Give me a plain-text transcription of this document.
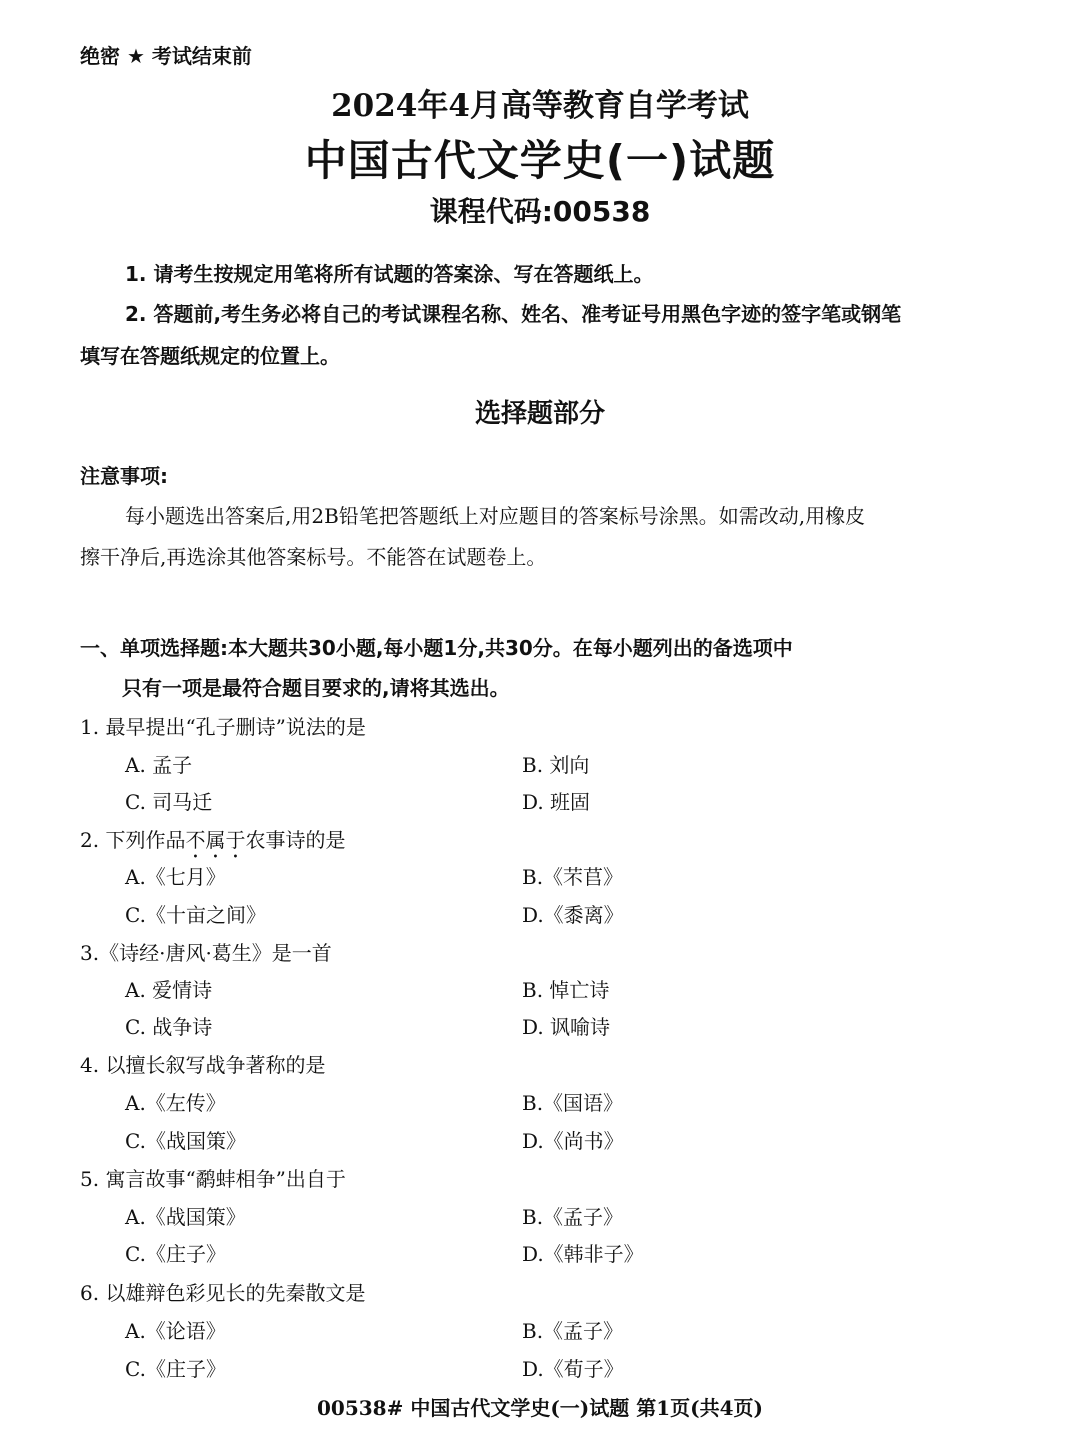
绝密 ★ 考试结束前
2024年4月高等教育自学考试
中国古代文学史(一)试题
课程代码:00538
1. 请考生按规定用笔将所有试题的答案涂、写在答题纸上。
2. 答题前,考生务必将自己的考试课程名称、姓名、准考证号用黑色字迹的签字笔或钢笔
填写在答题纸规定的位置上。
选择题部分
注意事项:
每小题选出答案后,用2B铅笔把答题纸上对应题目的答案标号涂黑。如需改动,用橡皮
擦干净后,再选涂其他答案标号。不能答在试题卷上。
一、单项选择题:本大题共30小题,每小题1分,共30分。在每小题列出的备选项中
只有一项是最符合题目要求的,请将其选出。
1. 最早提出“孔子删诗”说法的是
A. 孟子	B. 刘向
C. 司马迁	D. 班固
2. 下列作品不属于农事诗的是
A.《七月》	B.《芣苢》
C.《十亩之间》	D.《黍离》
3.《诗经·唐风·葛生》是一首
A. 爱情诗	B. 悼亡诗
C. 战争诗	D. 讽喻诗
4. 以擅长叙写战争著称的是
A.《左传》	B.《国语》
C.《战国策》	D.《尚书》
5. 寓言故事“鹬蚌相争”出自于
A.《战国策》	B.《孟子》
C.《庄子》	D.《韩非子》
6. 以雄辩色彩见长的先秦散文是
A.《论语》	B.《孟子》
C.《庄子》	D.《荀子》
00538# 中国古代文学史(一)试题 第1页(共4页)
